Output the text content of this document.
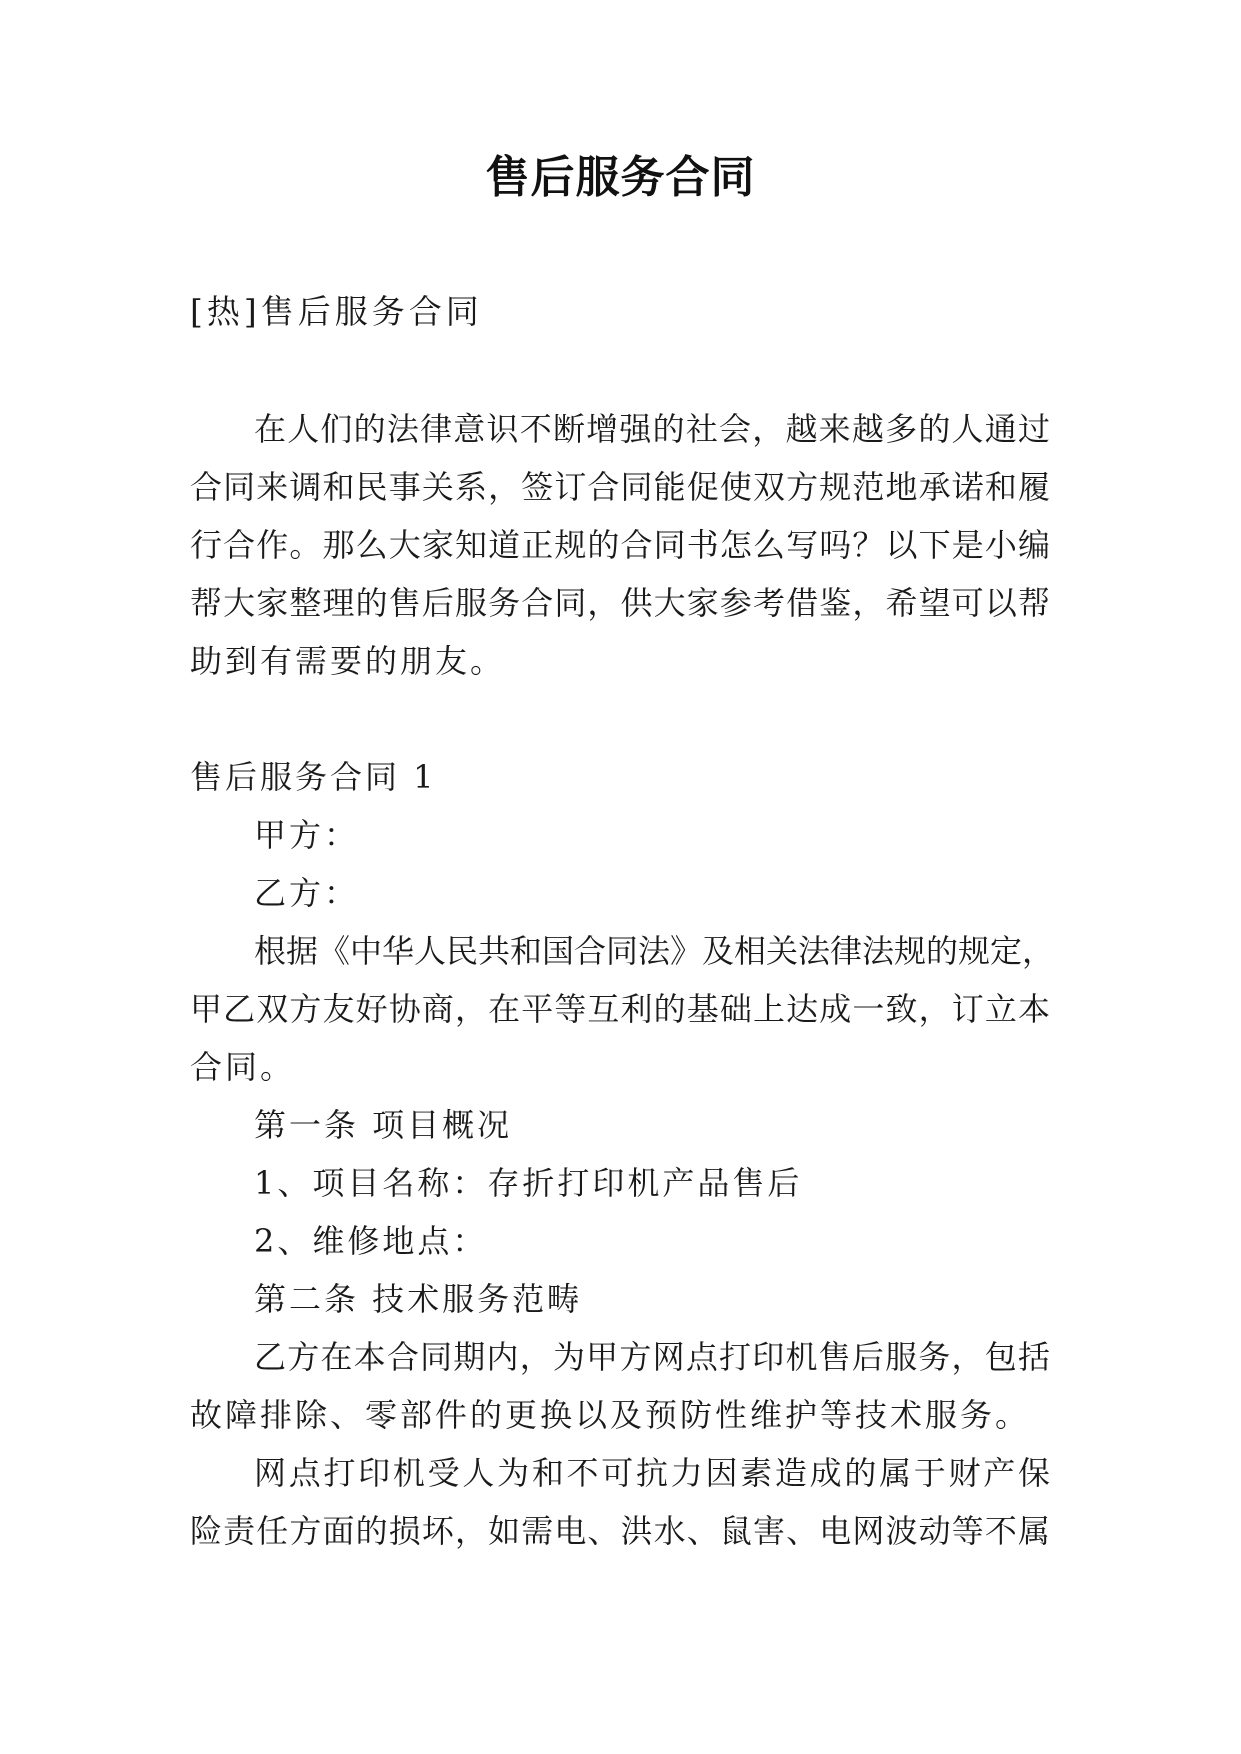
售后服务合同
[热]售后服务合同
在人们的法律意识不断增强的社会，越来越多的人通过
合同来调和民事关系，签订合同能促使双方规范地承诺和履
行合作。那么大家知道正规的合同书怎么写吗？以下是小编
帮大家整理的售后服务合同，供大家参考借鉴，希望可以帮
助到有需要的朋友。
售后服务合同 1
甲方：
乙方：
根据《中华人民共和国合同法》及相关法律法规的规定，
甲乙双方友好协商，在平等互利的基础上达成一致，订立本
合同。
第一条 项目概况
1、项目名称：存折打印机产品售后
2、维修地点：
第二条 技术服务范畴
乙方在本合同期内，为甲方网点打印机售后服务，包括
故障排除、零部件的更换以及预防性维护等技术服务。
网点打印机受人为和不可抗力因素造成的属于财产保
险责任方面的损坏，如需电、洪水、鼠害、电网波动等不属
